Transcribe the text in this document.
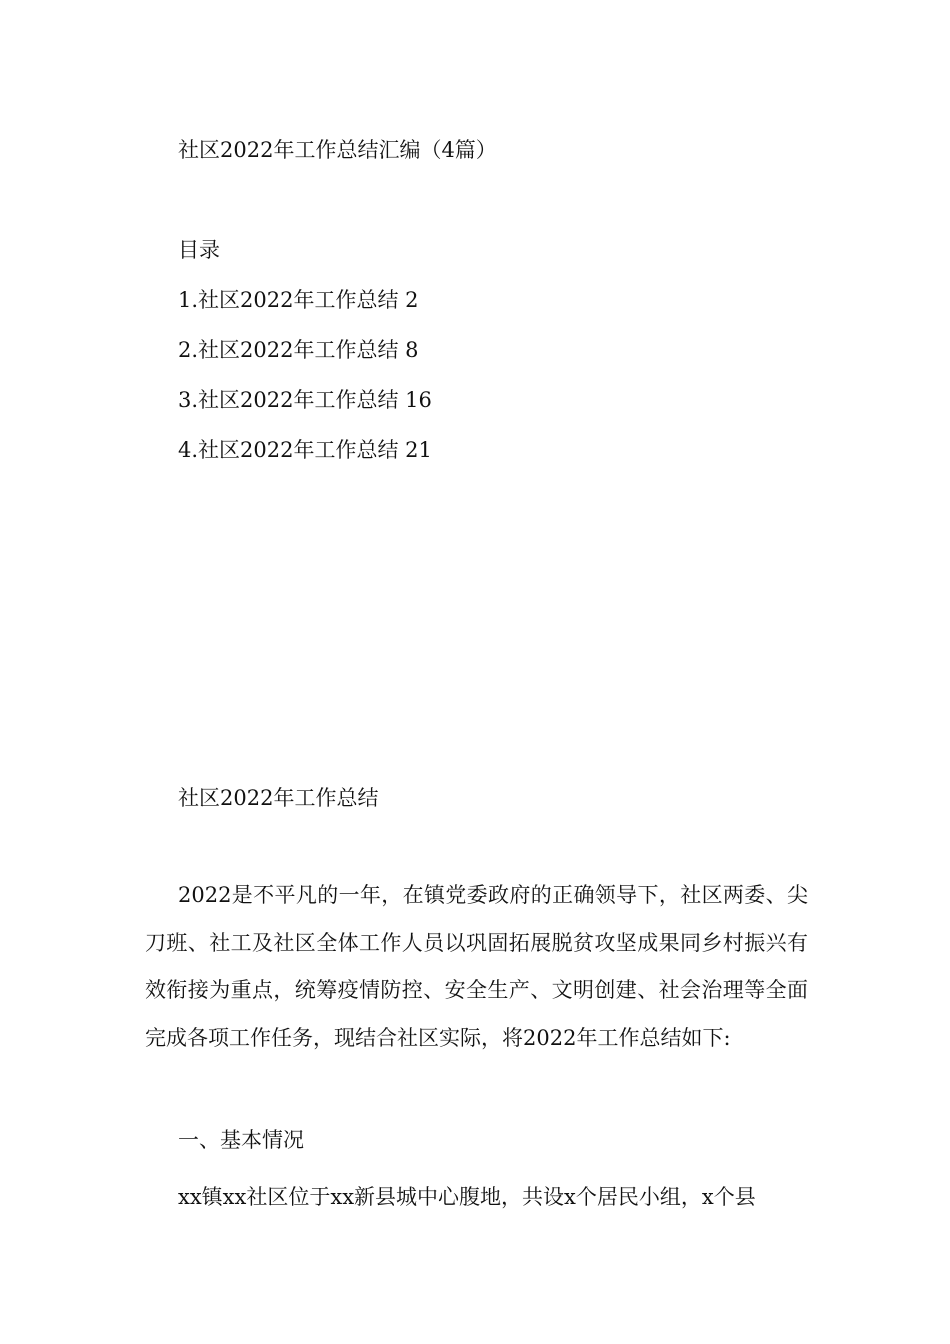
社区2022年工作总结汇编（4篇）
目录
1.社区2022年工作总结 2
2.社区2022年工作总结 8
3.社区2022年工作总结 16
4.社区2022年工作总结 21
社区2022年工作总结

2022是不平凡的一年，在镇党委政府的正确领导下，社区两委、尖刀班、社工及社区全体工作人员以巩固拓展脱贫攻坚成果同乡村振兴有效衔接为重点，统筹疫情防控、安全生产、文明创建、社会治理等全面完成各项工作任务，现结合社区实际，将2022年工作总结如下:

一、基本情况

xx镇xx社区位于xx新县城中心腹地，共设x个居民小组，x个县
